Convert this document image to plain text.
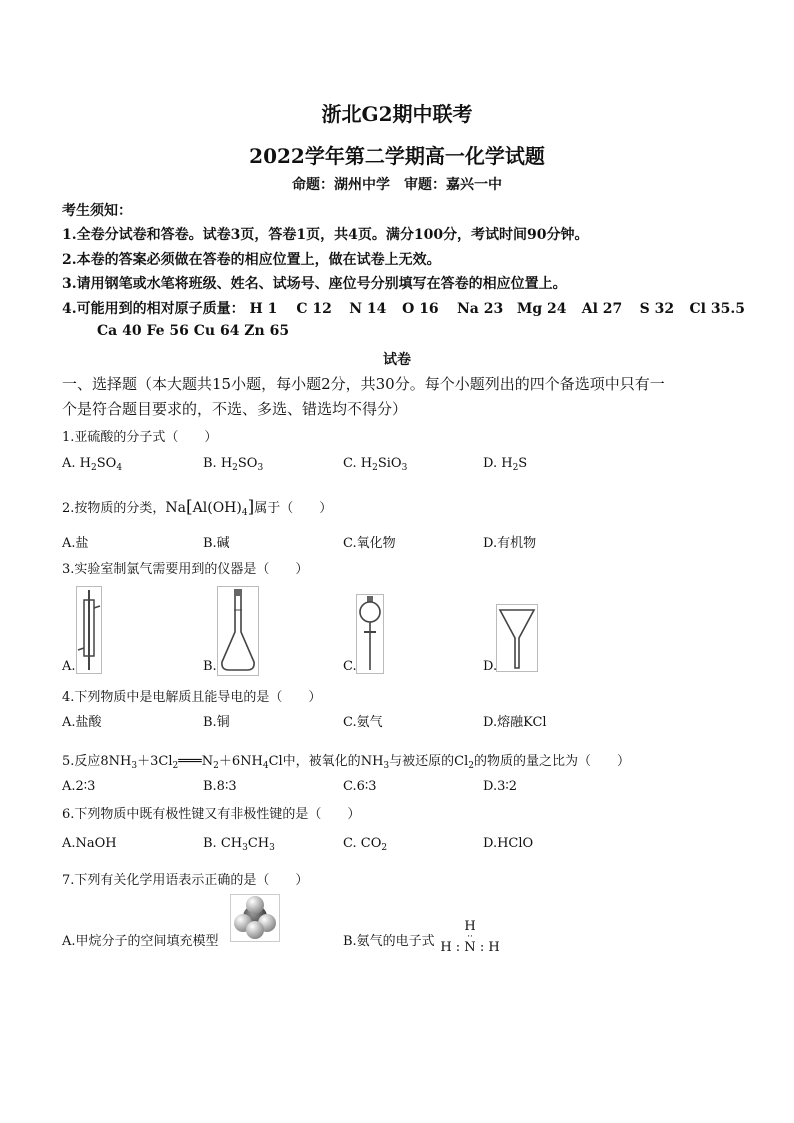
浙北G2期中联考
2022学年第二学期高一化学试题
命题：湖州中学　审题：嘉兴一中
考生须知：
1.全卷分试卷和答卷。试卷3页，答卷1页，共4页。满分100分，考试时间90分钟。
2.本卷的答案必须做在答卷的相应位置上，做在试卷上无效。
3.请用钢笔或水笔将班级、姓名、试场号、座位号分别填写在答卷的相应位置上。
4.可能用到的相对原子质量： H 1 C 12 N 14 O 16 Na 23 Mg 24 Al 27 S 32 Cl 35.5
Ca 40 Fe 56 Cu 64 Zn 65
试卷
一、选择题（本大题共15小题，每小题2分，共30分。每个小题列出的四个备选项中只有一
个是符合题目要求的，不选、多选、错选均不得分）
1.亚硫酸的分子式（　　）
A. $H_2SO_4$	B. $H_2SO_3$	C. $H_2SiO_3$	D. $H_2S$
2.按物质的分类，$Na[Al(OH)_4]$属于（　　）
A.盐	B.碱	C.氧化物	D.有机物
3.实验室制氯气需要用到的仪器是（　　）
A.	B.	C.	D.
4.下列物质中是电解质且能导电的是（　　）
A.盐酸	B.铜	C.氨气	D.熔融KCl
5.反应$8NH_3+3Cl_2═══N_2+6NH_4Cl$中，被氧化的$NH_3$与被还原的$Cl_2$的物质的量之比为（　　）
A.2∶3	B.8∶3	C.6∶3	D.3∶2
6.下列物质中既有极性键又有非极性键的是（　　）
A.NaOH	B. $CH_3CH_3$	C. $CO_2$	D.HClO
7.下列有关化学用语表示正确的是（　　）
A.甲烷分子的空间填充模型	B.氨气的电子式
H
··
H : N : H
